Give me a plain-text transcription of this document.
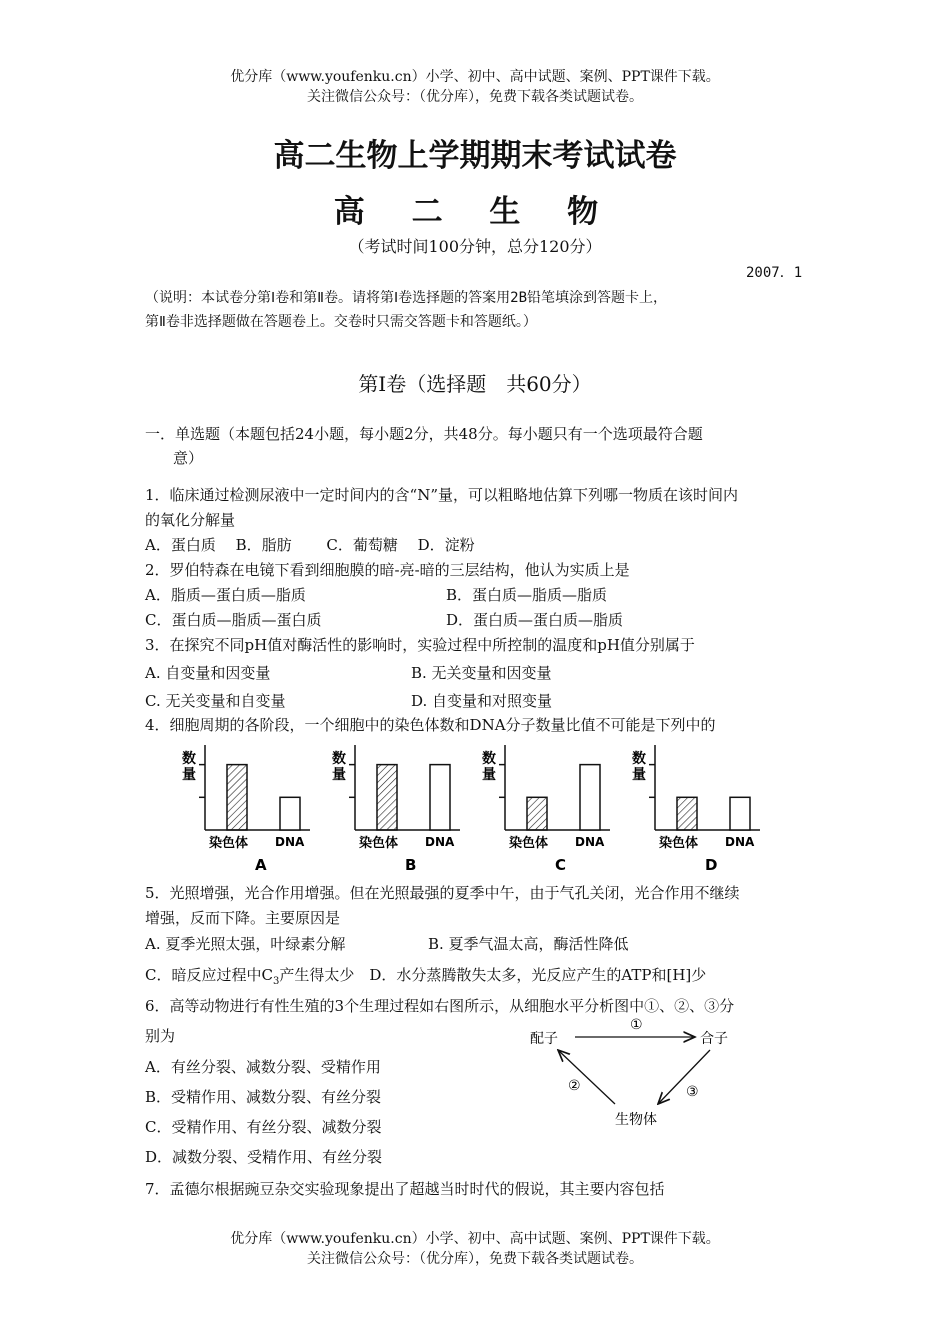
优分库（www.youfenku.cn）小学、初中、高中试题、案例、PPT课件下载。
关注微信公众号：（优分库），免费下载各类试题试卷。
高二生物上学期期末考试试卷
高 二 生 物
（考试时间100分钟，总分120分）
2007．1
（说明：本试卷分第Ⅰ卷和第Ⅱ卷。请将第Ⅰ卷选择题的答案用2B铅笔填涂到答题卡上，
第Ⅱ卷非选择题做在答题卷上。交卷时只需交答题卡和答题纸。）
第Ⅰ卷（选择题　共60分）
一．单选题（本题包括24小题，每小题2分，共48分。每小题只有一个选项最符合题
意）
1．临床通过检测尿液中一定时间内的含“N”量，可以粗略地估算下列哪一物质在该时间内
的氧化分解量
A．蛋白质　 B．脂肪　　 C．葡萄糖　 D．淀粉
2．罗伯特森在电镜下看到细胞膜的暗-亮-暗的三层结构，他认为实质上是
A．脂质—蛋白质—脂质	B．蛋白质—脂质—脂质
C．蛋白质—脂质—蛋白质	D．蛋白质—蛋白质—脂质
3．在探究不同pH值对酶活性的影响时，实验过程中所控制的温度和pH值分别属于
A. 自变量和因变量	B. 无关变量和因变量
C. 无关变量和自变量	D. 自变量和对照变量
4．细胞周期的各阶段，一个细胞中的染色体数和DNA分子数量比值不可能是下列中的
数
量
染色体 DNA
A
数
量
染色体 DNA
B
数
量
染色体 DNA
C
数
量
染色体 DNA
D
5．光照增强，光合作用增强。但在光照最强的夏季中午，由于气孔关闭，光合作用不继续
增强，反而下降。主要原因是
A. 夏季光照太强，叶绿素分解	B. 夏季气温太高，酶活性降低
C．暗反应过程中$C_3$产生得太少　D．水分蒸腾散失太多，光反应产生的ATP和[H]少
6．高等动物进行有性生殖的3个生理过程如右图所示，从细胞水平分析图中①、②、③分
别为
A．有丝分裂、减数分裂、受精作用
B．受精作用、减数分裂、有丝分裂
C．受精作用、有丝分裂、减数分裂
D．减数分裂、受精作用、有丝分裂
配子	合子
生物体
①
②	③
7．孟德尔根据豌豆杂交实验现象提出了超越当时时代的假说，其主要内容包括
优分库（www.youfenku.cn）小学、初中、高中试题、案例、PPT课件下载。
关注微信公众号：（优分库），免费下载各类试题试卷。
